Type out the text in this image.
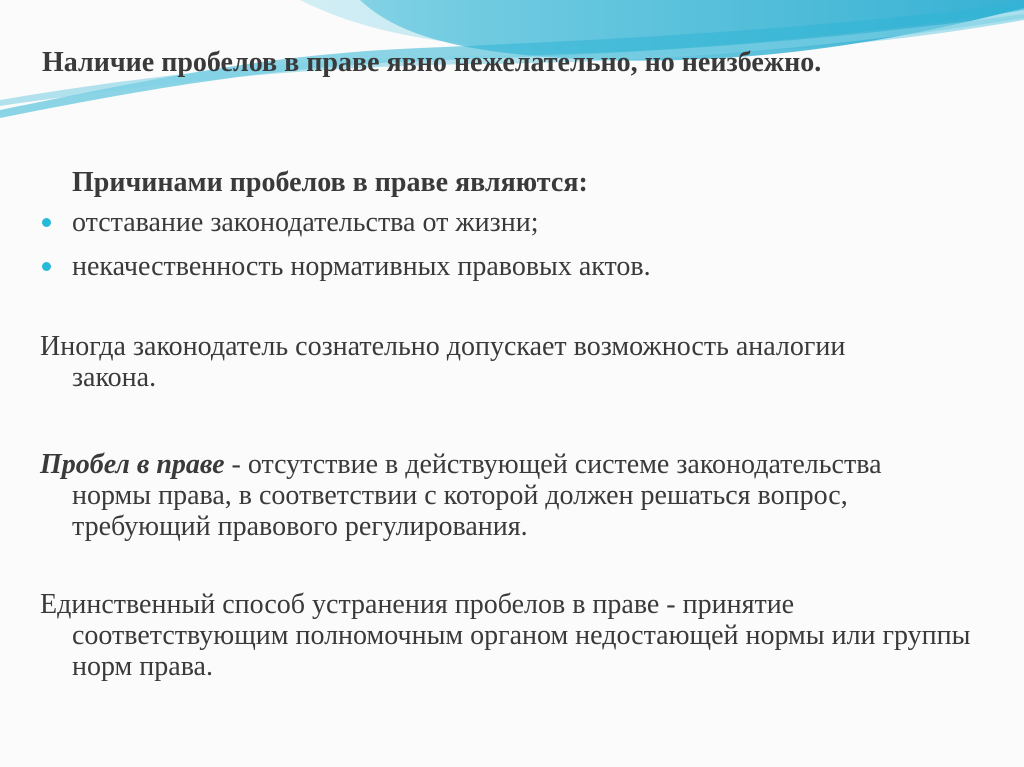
Наличие пробелов в праве явно нежелательно, но неизбежно.

Причинами пробелов в праве являются:

отставание законодательства от жизни;
некачественность нормативных правовых актов.

Иногда законодатель сознательно допускает возможность аналогии закона.

Пробел в праве - отсутствие в действующей системе законодательства нормы права, в соответствии с которой должен решаться вопрос, требующий правового регулирования.

Единственный способ устранения пробелов в праве - принятие соответствующим полномочным органом недостающей нормы или группы норм права.
